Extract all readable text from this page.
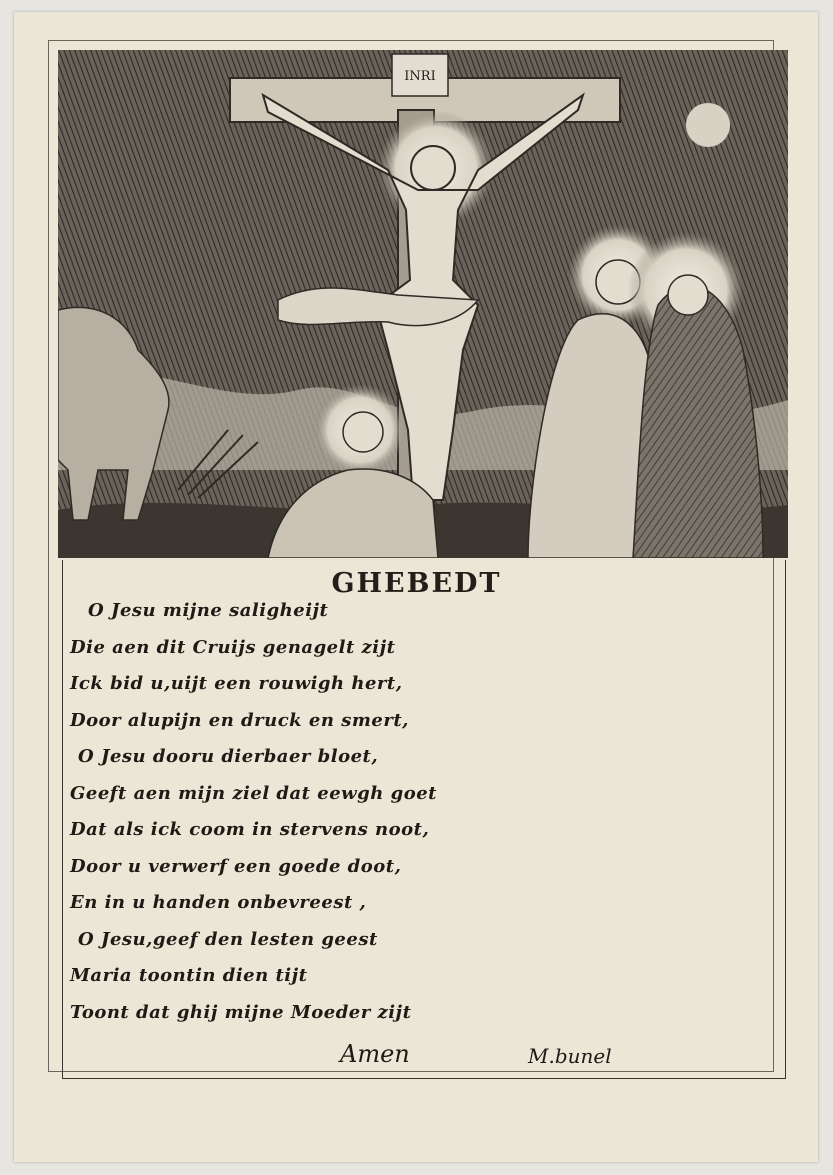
INRI
GHEBEDT
O Jesu mijne saligheijt
Die aen dit Cruijs genagelt zijt
Ick bid u,uijt een rouwigh hert,
Door alupijn en druck en smert,
O Jesu dooru dierbaer bloet,
Geeft aen mijn ziel dat eewgh goet
Dat als ick coom in stervens noot,
Door u verwerf een goede doot,
En in u handen onbevreest ,
O Jesu,geef den lesten geest
Maria toontin dien tijt
Toont dat ghij mijne Moeder zijt
Amen	M.bunel
